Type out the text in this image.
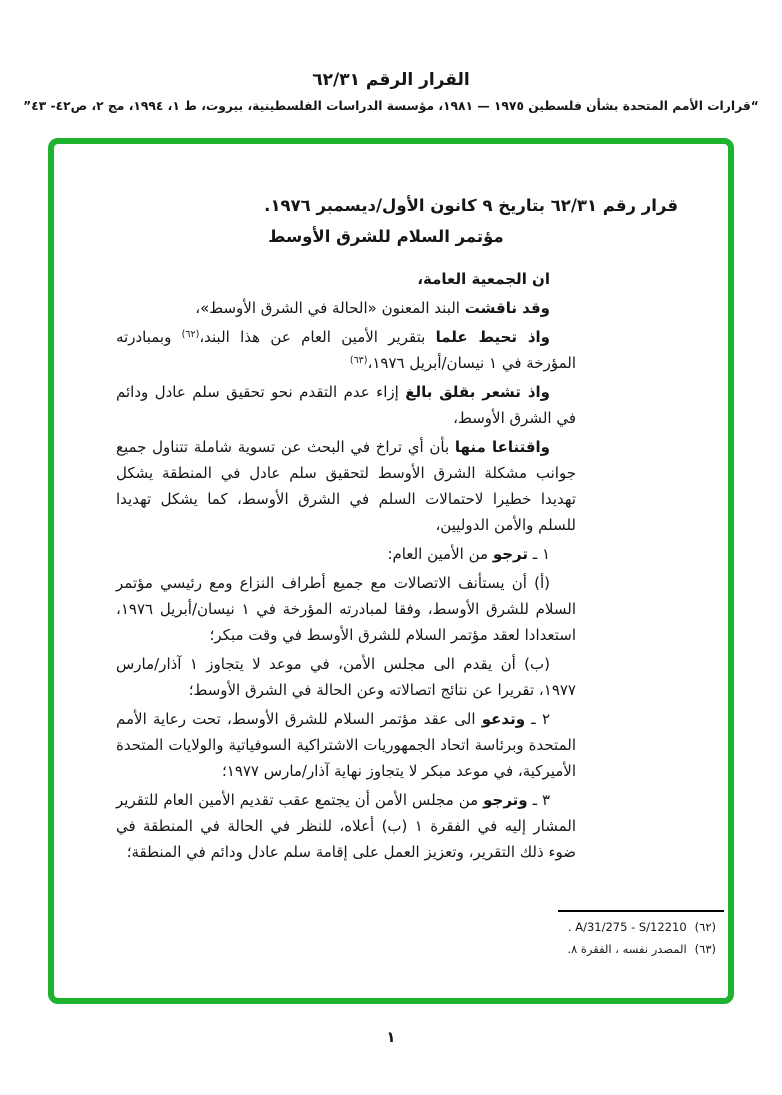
القرار الرقم ٦٢/٣١
“قرارات الأمم المتحدة بشأن فلسطين ١٩٧٥ — ١٩٨١، مؤسسة الدراسات الفلسطينية، بيروت، ط ١، ١٩٩٤، مج ٢، ص٤٢- ٤٣”
قرار رقم ٦٢/٣١ بتاريخ ٩ كانون الأول/ديسمبر ١٩٧٦.
مؤتمر السلام للشرق الأوسط

ان الجمعية العامة،

وقد ناقشت البند المعنون «الحالة في الشرق الأوسط»،

واذ تحيط علما بتقرير الأمين العام عن هذا البند،$^{(٦٢)}$ وبمبادرته المؤرخة في ١ نيسان/أبريل ١٩٧٦،$^{(٦٣)}$

واذ تشعر بقلق بالغ إزاء عدم التقدم نحو تحقيق سلم عادل ودائم في الشرق الأوسط،

واقتناعا منها بأن أي تراخ في البحث عن تسوية شاملة تتناول جميع جوانب مشكلة الشرق الأوسط لتحقيق سلم عادل في المنطقة يشكل تهديدا خطيرا لاحتمالات السلم في الشرق الأوسط، كما يشكل تهديدا للسلم والأمن الدوليين،

١ ـ ترجو من الأمين العام:

(أ) أن يستأنف الاتصالات مع جميع أطراف النزاع ومع رئيسي مؤتمر السلام للشرق الأوسط، وفقا لمبادرته المؤرخة في ١ نيسان/أبريل ١٩٧٦، استعدادا لعقد مؤتمر السلام للشرق الأوسط في وقت مبكر؛

(ب) أن يقدم الى مجلس الأمن، في موعد لا يتجاوز ١ آذار/مارس ١٩٧٧، تقريرا عن نتائج اتصالاته وعن الحالة في الشرق الأوسط؛

٢ ـ وتدعو الى عقد مؤتمر السلام للشرق الأوسط، تحت رعاية الأمم المتحدة وبرئاسة اتحاد الجمهوريات الاشتراكية السوفياتية والولايات المتحدة الأميركية، في موعد مبكر لا يتجاوز نهاية آذار/مارس ١٩٧٧؛

٣ ـ وترجو من مجلس الأمن أن يجتمع عقب تقديم الأمين العام للتقرير المشار إليه في الفقرة ١ (ب) أعلاه، للنظر في الحالة في المنطقة في ضوء ذلك التقرير، وتعزيز العمل على إقامة سلم عادل ودائم في المنطقة؛

(٦٢)A/31/275 - S/12210 .
(٦٣)المصدر نفسه ، الفقرة ٨.
١
